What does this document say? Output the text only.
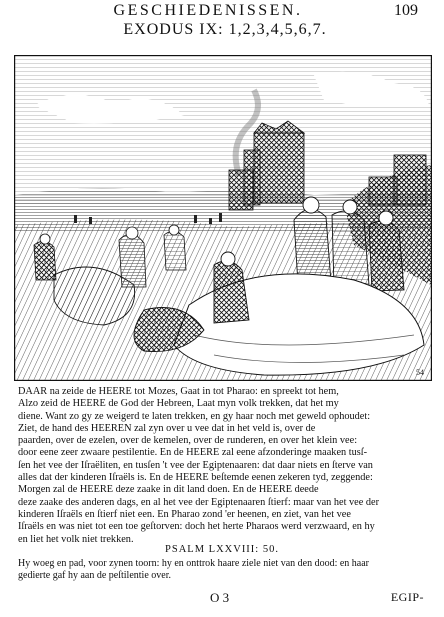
GESCHIEDENISSEN.	109
EXODUS IX: 1,2,3,4,5,6,7.
54
DAAR na zeide de HEERE tot Mozes, Gaat in tot Pharao: en spreekt tot hem,
Alzo zeid de HEERE de God der Hebreen, Laat myn volk trekken, dat het my
diene. Want zo gy ze weigerd te laten trekken, en gy haar noch met geweld ophoudet:
Ziet, de hand des HEEREN zal zyn over u vee dat in het veld is, over de
paarden, over de ezelen, over de kemelen, over de runderen, en over het klein vee:
door eene zeer zwaare pestilentie. En de HEERE zal eene afzonderinge maaken tusſ-
ſen het vee der Iſraëliten, en tusſen 't vee der Egiptenaaren: dat daar niets en ſterve van
alles dat der kinderen Iſraëls is. En de HEERE beſtemde eenen zekeren tyd, zeggende:
Morgen zal de HEERE deze zaake in dit land doen. En de HEERE deede
deze zaake des anderen dags, en al het vee der Egiptenaaren ſtierf: maar van het vee der
kinderen Iſraëls en ſtierf niet een. En Pharao zond 'er heenen, en ziet, van het vee
Iſraëls en was niet tot een toe geſtorven: doch het herte Pharaos werd verzwaard, en hy
en liet het volk niet trekken.
PSALM LXXVIII: 50.
Hy woeg en pad, voor zynen toorn: hy en onttrok haare ziele niet van den dood: en haar
gedierte gaf hy aan de peſtilentie over.
O 3	EGIP-
